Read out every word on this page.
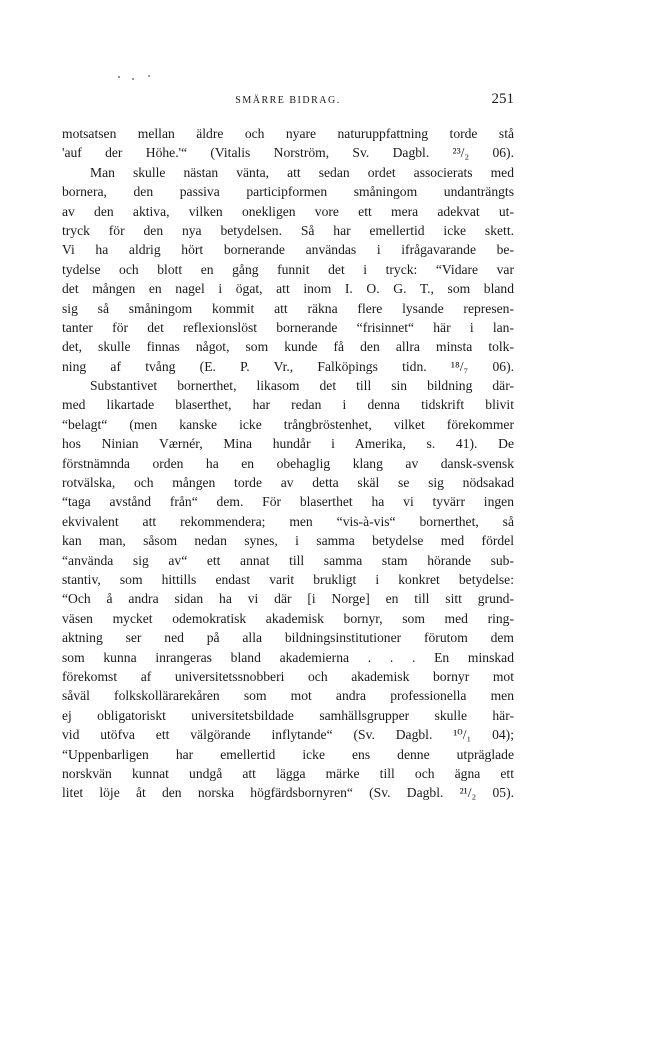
SMÄRRE BIDRAG.	251
motsatsen mellan äldre och nyare naturuppfattning torde stå
'auf der Höhe.'“ (Vitalis Norström, Sv. Dagbl. ²³/₂ 06).
Man skulle nästan vänta, att sedan ordet associerats med
bornera, den passiva participformen småningom undanträngts
av den aktiva, vilken onekligen vore ett mera adekvat ut-
tryck för den nya betydelsen. Så har emellertid icke skett.
Vi ha aldrig hört bornerande användas i ifrågavarande be-
tydelse och blott en gång funnit det i tryck: “Vidare var
det mången en nagel i ögat, att inom I. O. G. T., som bland
sig så småningom kommit att räkna flere lysande represen-
tanter för det reflexionslöst bornerande “frisinnet“ här i lan-
det, skulle finnas något, som kunde få den allra minsta tolk-
ning af tvång (E. P. Vr., Falköpings tidn. ¹⁸/₇ 06).
Substantivet bornerthet, likasom det till sin bildning där-
med likartade blaserthet, har redan i denna tidskrift blivit
“belagt“ (men kanske icke trångbröstenhet, vilket förekommer
hos Ninian Værnér, Mina hundår i Amerika, s. 41). De
förstnämnda orden ha en obehaglig klang av dansk-svensk
rotvälska, och mången torde av detta skäl se sig nödsakad
“taga avstånd från“ dem. För blaserthet ha vi tyvärr ingen
ekvivalent att rekommendera; men “vis-à-vis“ bornerthet, så
kan man, såsom nedan synes, i samma betydelse med fördel
“använda sig av“ ett annat till samma stam hörande sub-
stantiv, som hittills endast varit brukligt i konkret betydelse:
“Och å andra sidan ha vi där [i Norge] en till sitt grund-
väsen mycket odemokratisk akademisk bornyr, som med ring-
aktning ser ned på alla bildningsinstitutioner förutom dem
som kunna inrangeras bland akademierna . . . En minskad
förekomst af universitetssnobberi och akademisk bornyr mot
såväl folkskollärarekåren som mot andra professionella men
ej obligatoriskt universitetsbildade samhällsgrupper skulle här-
vid utöfva ett välgörande inflytande“ (Sv. Dagbl. ¹⁰/₁ 04);
“Uppenbarligen har emellertid icke ens denne utpräglade
norskvän kunnat undgå att lägga märke till och ägna ett
litet löje åt den norska högfärdsbornyren“ (Sv. Dagbl. ²¹/₂ 05).
